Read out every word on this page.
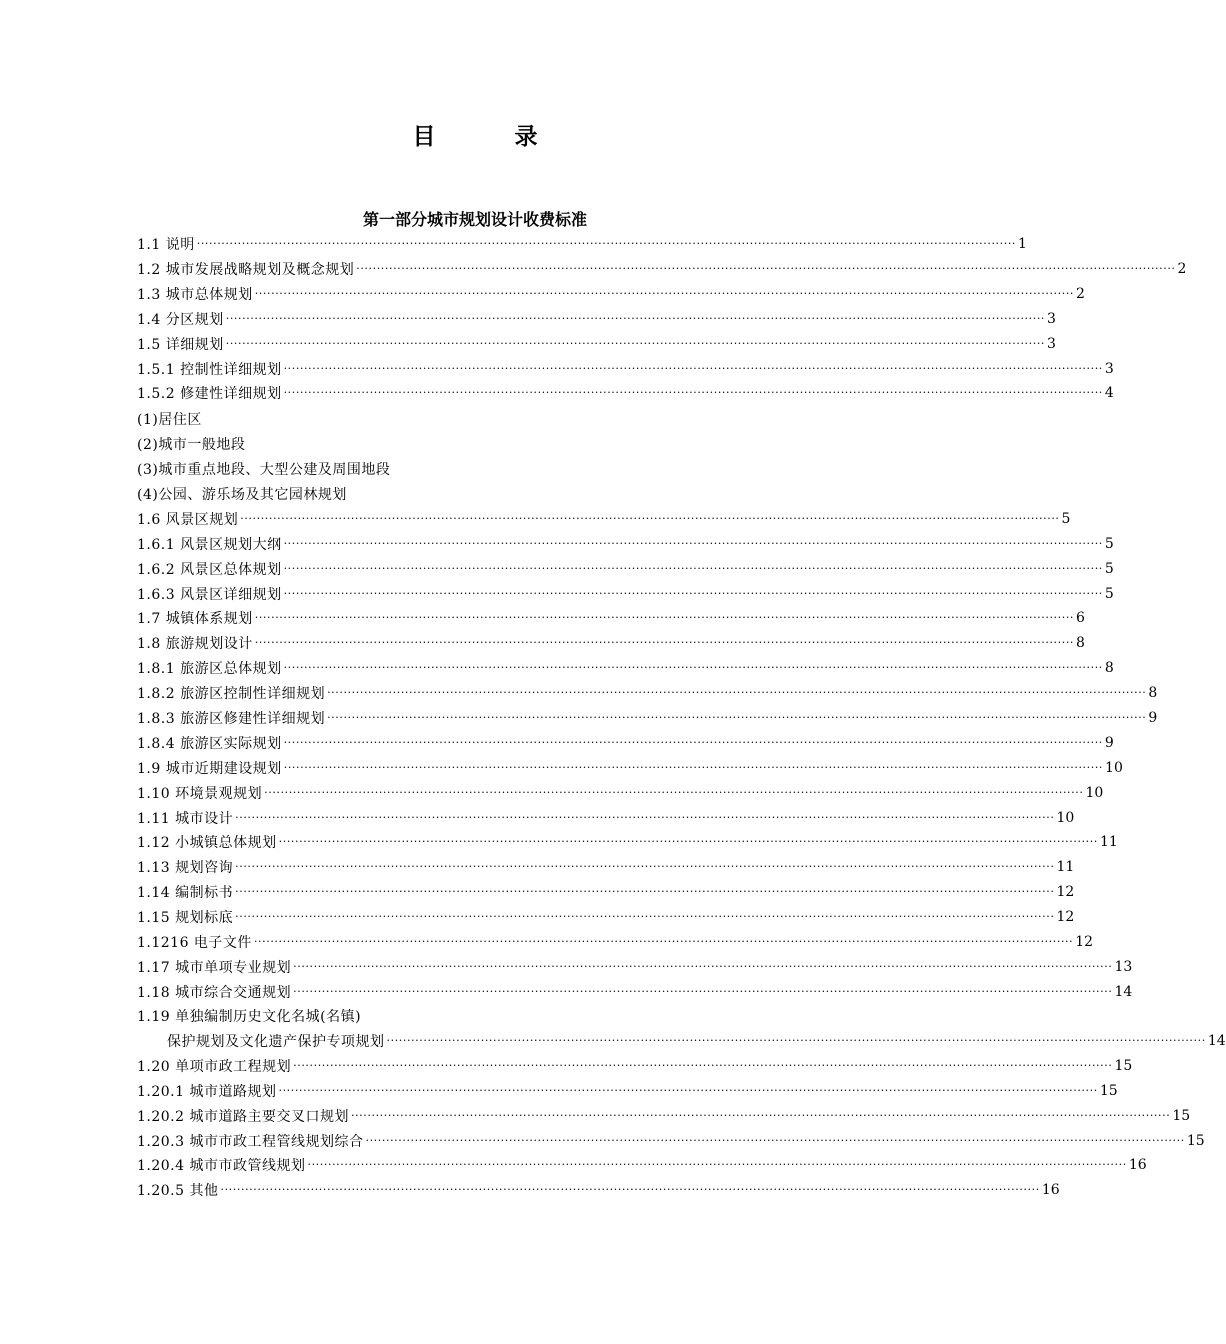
目　录
第一部分城市规划设计收费标准
1.1 说明 ········································································································································································································ 1
1.2 城市发展战略规划及概念规划 ········································································································································································································ 2
1.3 城市总体规划 ········································································································································································································ 2
1.4 分区规划 ········································································································································································································ 3
1.5 详细规划 ········································································································································································································ 3
1.5.1 控制性详细规划 ········································································································································································································ 3
1.5.2 修建性详细规划 ········································································································································································································ 4
(1)居住区
(2)城市一般地段
(3)城市重点地段、大型公建及周围地段
(4)公园、游乐场及其它园林规划
1.6 风景区规划 ········································································································································································································ 5
1.6.1 风景区规划大纲 ········································································································································································································ 5
1.6.2 风景区总体规划 ········································································································································································································ 5
1.6.3 风景区详细规划 ········································································································································································································ 5
1.7 城镇体系规划 ········································································································································································································ 6
1.8 旅游规划设计 ········································································································································································································ 8
1.8.1 旅游区总体规划 ········································································································································································································ 8
1.8.2 旅游区控制性详细规划 ········································································································································································································ 8
1.8.3 旅游区修建性详细规划 ········································································································································································································ 9
1.8.4 旅游区实际规划 ········································································································································································································ 9
1.9 城市近期建设规划 ········································································································································································································ 10
1.10 环境景观规划 ········································································································································································································ 10
1.11 城市设计 ········································································································································································································ 10
1.12 小城镇总体规划 ········································································································································································································ 11
1.13 规划咨询 ········································································································································································································ 11
1.14 编制标书 ········································································································································································································ 12
1.15 规划标底 ········································································································································································································ 12
1.1216 电子文件 ········································································································································································································ 12
1.17 城市单项专业规划 ········································································································································································································ 13
1.18 城市综合交通规划 ········································································································································································································ 14
1.19 单独编制历史文化名城(名镇)
保护规划及文化遗产保护专项规划 ········································································································································································································ 14
1.20 单项市政工程规划 ········································································································································································································ 15
1.20.1 城市道路规划 ········································································································································································································ 15
1.20.2 城市道路主要交叉口规划 ········································································································································································································ 15
1.20.3 城市市政工程管线规划综合 ········································································································································································································ 15
1.20.4 城市市政管线规划 ········································································································································································································ 16
1.20.5 其他 ········································································································································································································ 16
